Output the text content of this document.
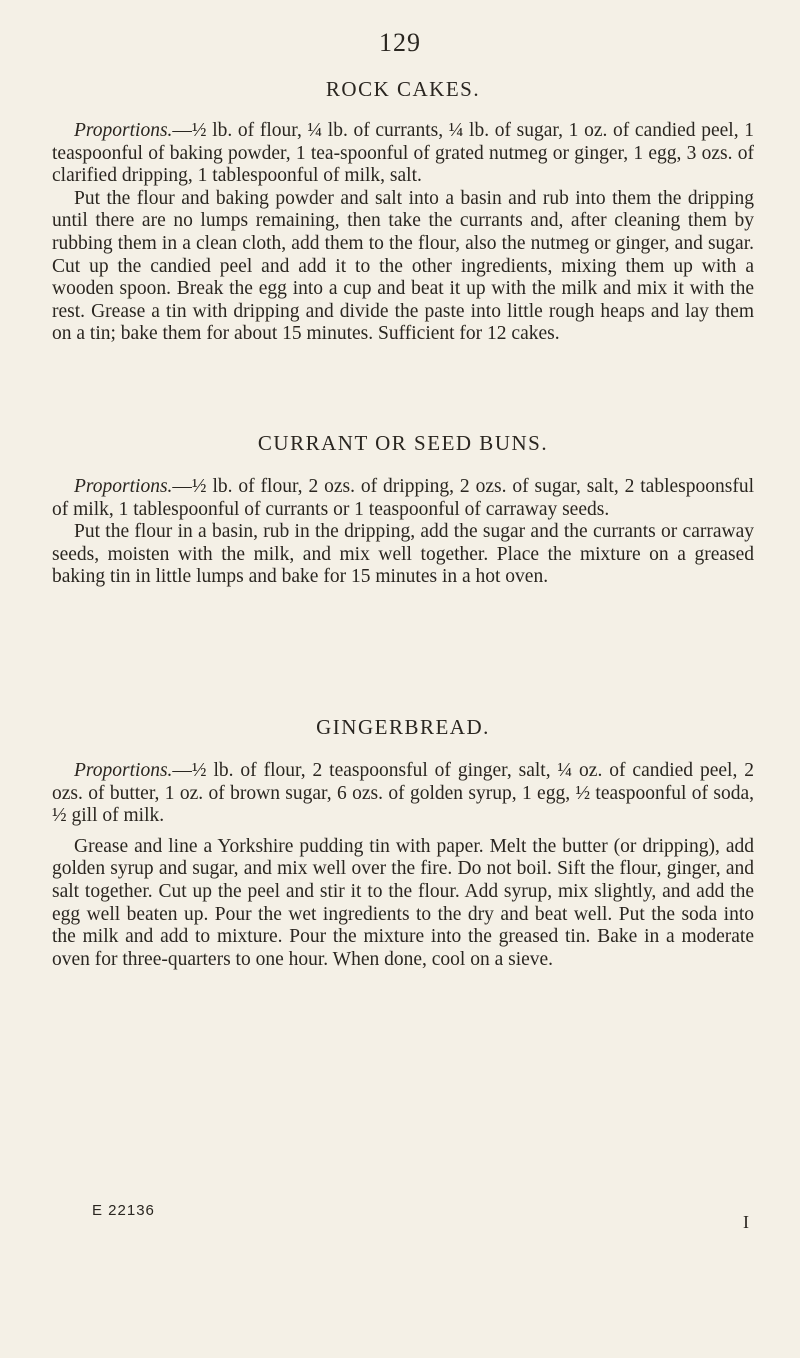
129
ROCK CAKES.

Proportions.—½ lb. of flour, ¼ lb. of currants, ¼ lb. of sugar, 1 oz. of candied peel, 1 teaspoonful of baking powder, 1 tea-spoonful of grated nutmeg or ginger, 1 egg, 3 ozs. of clarified dripping, 1 tablespoonful of milk, salt.

Put the flour and baking powder and salt into a basin and rub into them the dripping until there are no lumps remaining, then take the currants and, after cleaning them by rubbing them in a clean cloth, add them to the flour, also the nutmeg or ginger, and sugar. Cut up the candied peel and add it to the other ingredients, mixing them up with a wooden spoon. Break the egg into a cup and beat it up with the milk and mix it with the rest. Grease a tin with dripping and divide the paste into little rough heaps and lay them on a tin; bake them for about 15 minutes. Sufficient for 12 cakes.

CURRANT OR SEED BUNS.

Proportions.—½ lb. of flour, 2 ozs. of dripping, 2 ozs. of sugar, salt, 2 tablespoonsful of milk, 1 tablespoonful of currants or 1 teaspoonful of carraway seeds.

Put the flour in a basin, rub in the dripping, add the sugar and the currants or carraway seeds, moisten with the milk, and mix well together. Place the mixture on a greased baking tin in little lumps and bake for 15 minutes in a hot oven.

GINGERBREAD.

Proportions.—½ lb. of flour, 2 teaspoonsful of ginger, salt, ¼ oz. of candied peel, 2 ozs. of butter, 1 oz. of brown sugar, 6 ozs. of golden syrup, 1 egg, ½ teaspoonful of soda, ½ gill of milk.

Grease and line a Yorkshire pudding tin with paper. Melt the butter (or dripping), add golden syrup and sugar, and mix well over the fire. Do not boil. Sift the flour, ginger, and salt together. Cut up the peel and stir it to the flour. Add syrup, mix slightly, and add the egg well beaten up. Pour the wet ingredients to the dry and beat well. Put the soda into the milk and add to mixture. Pour the mixture into the greased tin. Bake in a moderate oven for three-quarters to one hour. When done, cool on a sieve.

E 22136
I
